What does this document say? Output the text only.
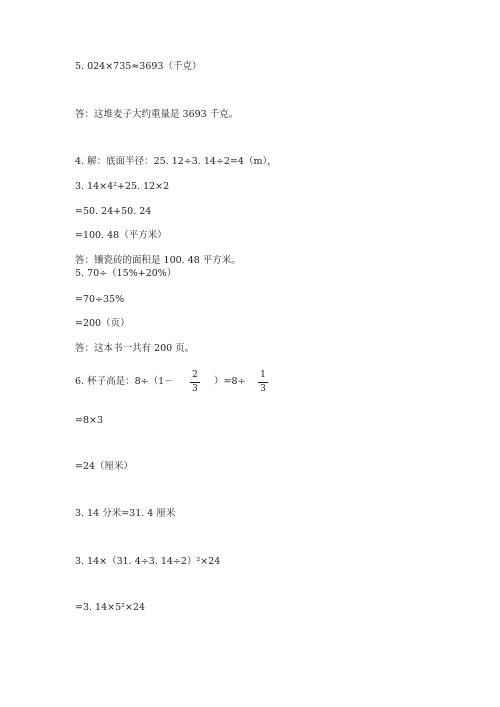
5. 024×735≈3693（千克）
答：这堆麦子大约重量是 3693 千克。
4. 解：底面半径：25. 12÷3. 14÷2=4（m），
3. 14×4²+25. 12×2
=50. 24+50. 24
=100. 48（平方米）
答：镶瓷砖的面积是 100. 48 平方米。
5. 70÷（15%+20%）
=70÷35%
=200（页）
答：这本书一共有 200 页。
6. 杯子高是：8÷（1－
2
3
）=8÷
1
3
=8×3
=24（厘米）
3. 14 分米=31. 4 厘米
3. 14×（31. 4÷3. 14÷2）²×24
=3. 14×5²×24
